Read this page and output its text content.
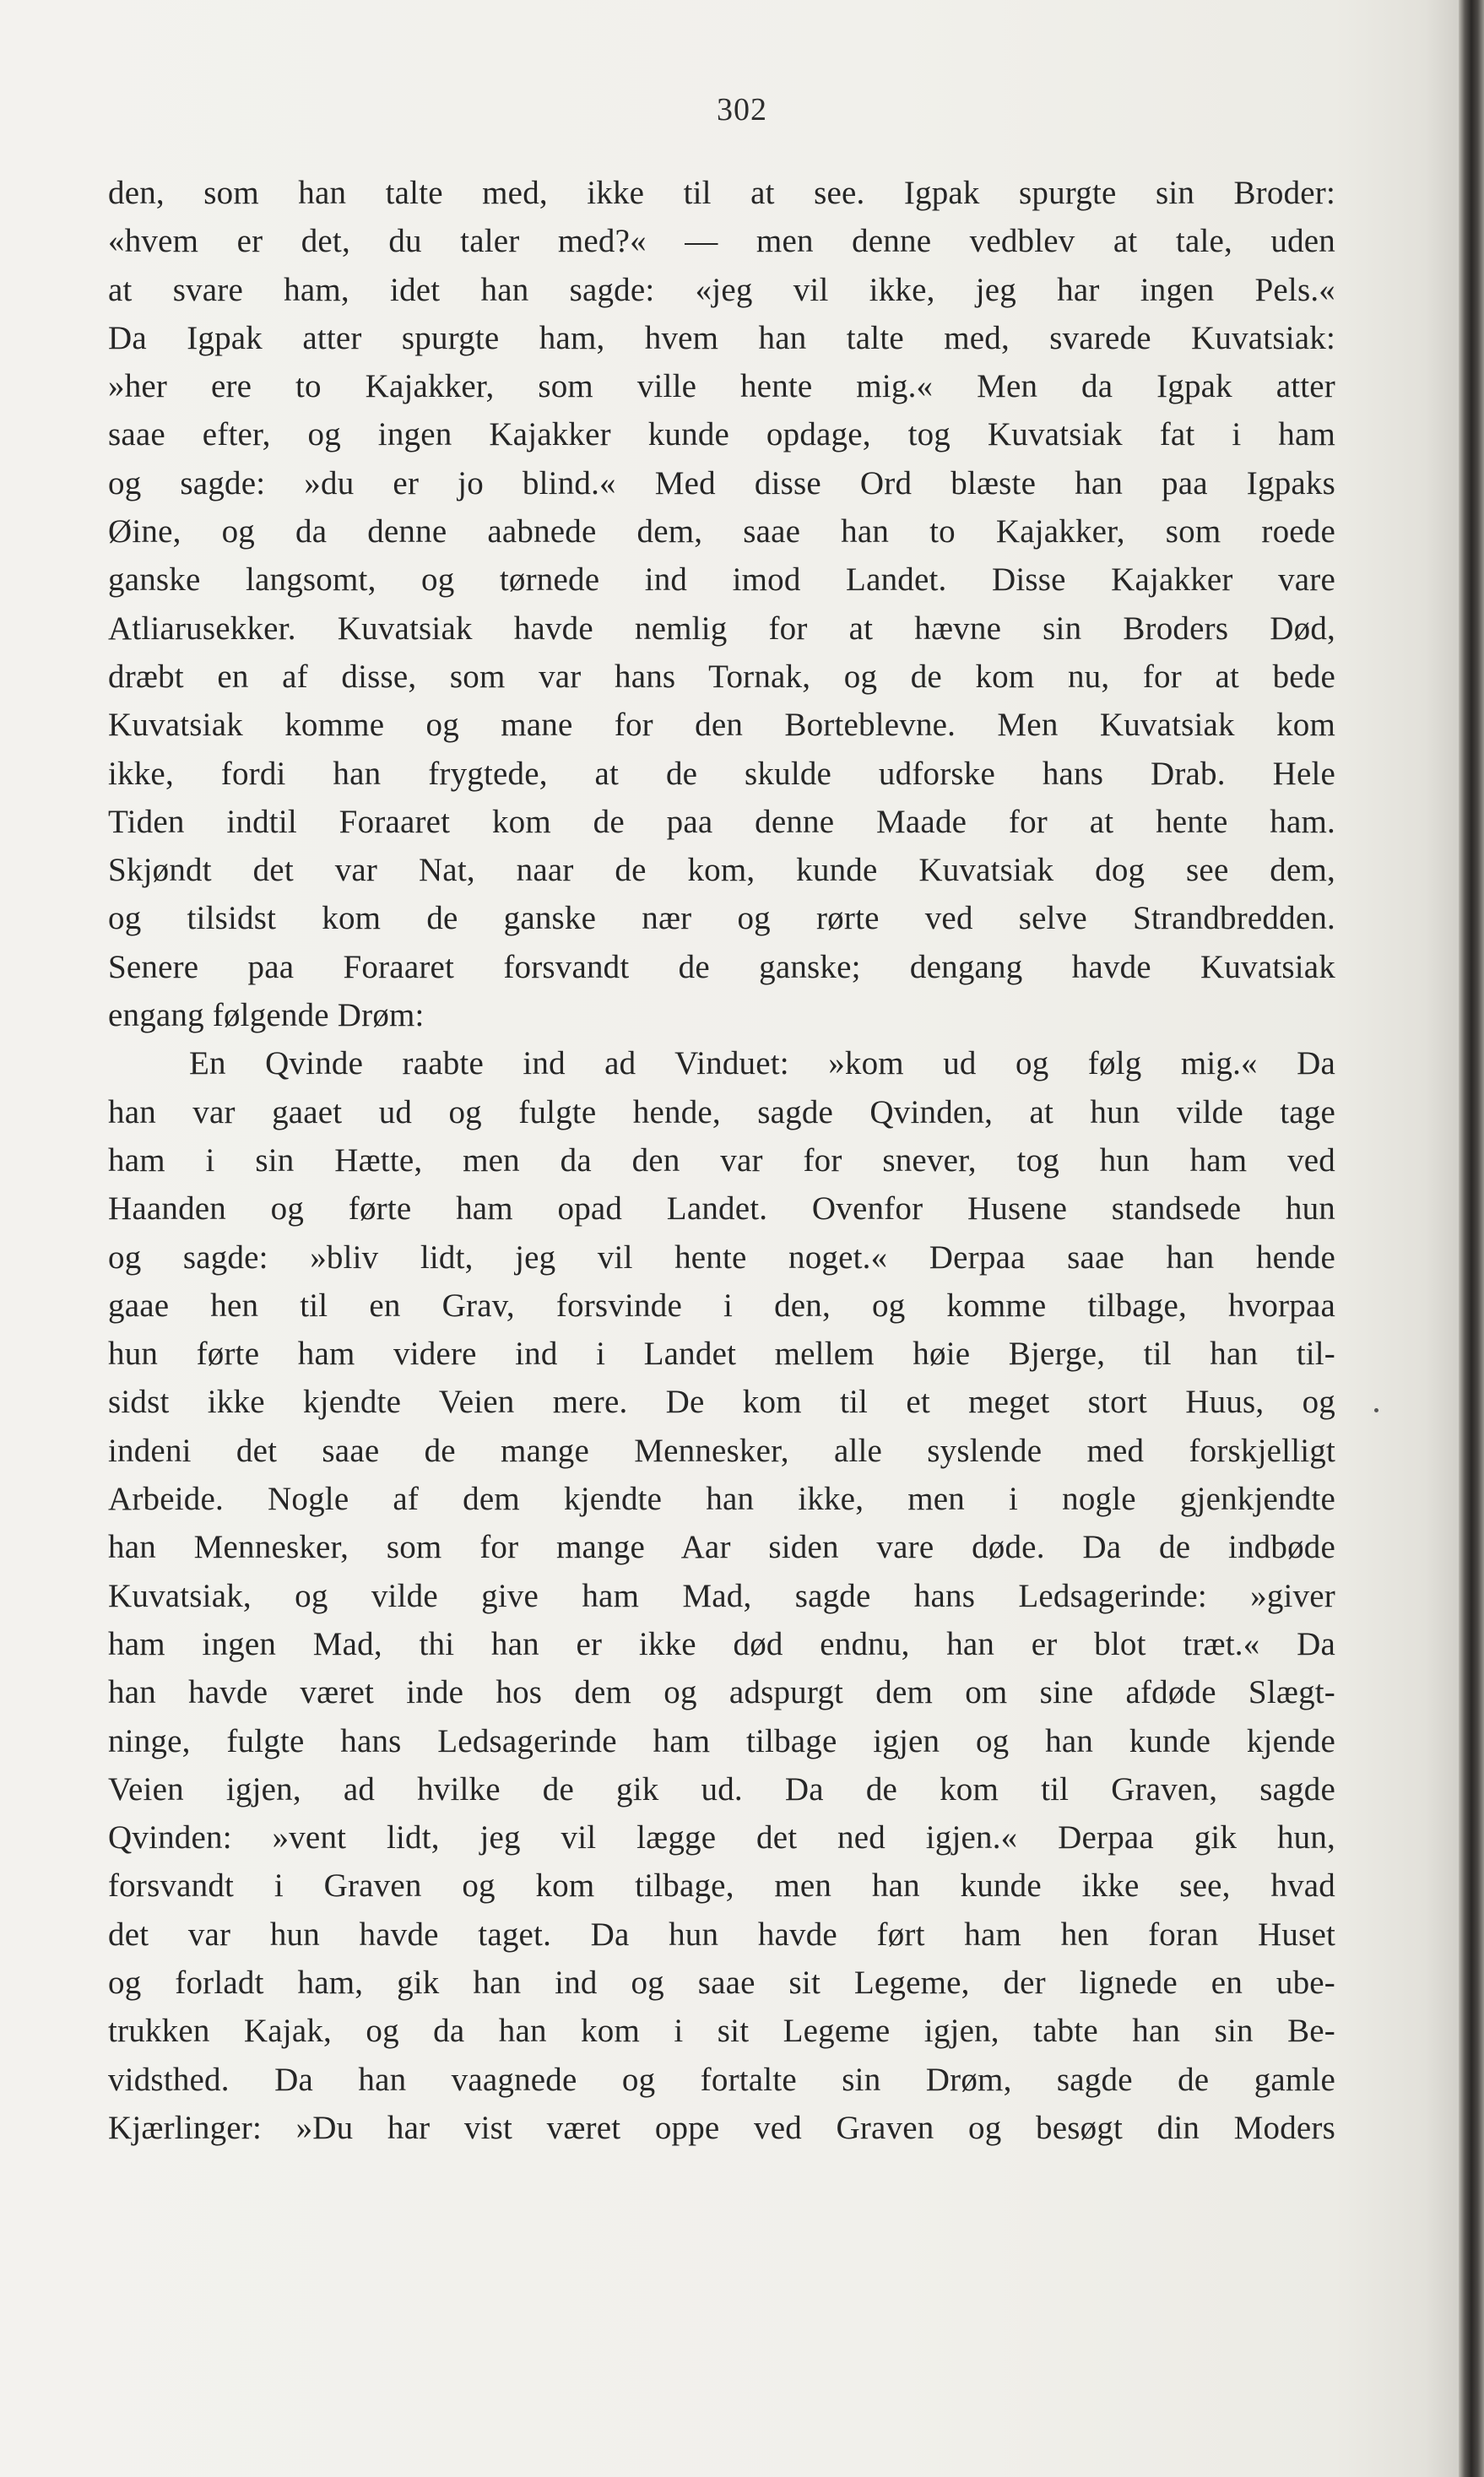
302
den, som han talte med, ikke til at see. Igpak spurgte sin Broder:
«hvem er det, du taler med?« — men denne vedblev at tale, uden
at svare ham, idet han sagde: «jeg vil ikke, jeg har ingen Pels.«
Da Igpak atter spurgte ham, hvem han talte med, svarede Kuvatsiak:
»her ere to Kajakker, som ville hente mig.« Men da Igpak atter
saae efter, og ingen Kajakker kunde opdage, tog Kuvatsiak fat i ham
og sagde: »du er jo blind.« Med disse Ord blæste han paa Igpaks
Øine, og da denne aabnede dem, saae han to Kajakker, som roede
ganske langsomt, og tørnede ind imod Landet. Disse Kajakker vare
Atliarusekker. Kuvatsiak havde nemlig for at hævne sin Broders Død,
dræbt en af disse, som var hans Tornak, og de kom nu, for at bede
Kuvatsiak komme og mane for den Borteblevne. Men Kuvatsiak kom
ikke, fordi han frygtede, at de skulde udforske hans Drab. Hele
Tiden indtil Foraaret kom de paa denne Maade for at hente ham.
Skjøndt det var Nat, naar de kom, kunde Kuvatsiak dog see dem,
og tilsidst kom de ganske nær og rørte ved selve Strandbredden.
Senere paa Foraaret forsvandt de ganske; dengang havde Kuvatsiak
engang følgende Drøm:
En Qvinde raabte ind ad Vinduet: »kom ud og følg mig.« Da
han var gaaet ud og fulgte hende, sagde Qvinden, at hun vilde tage
ham i sin Hætte, men da den var for snever, tog hun ham ved
Haanden og førte ham opad Landet. Ovenfor Husene standsede hun
og sagde: »bliv lidt, jeg vil hente noget.« Derpaa saae han hende
gaae hen til en Grav, forsvinde i den, og komme tilbage, hvorpaa
hun førte ham videre ind i Landet mellem høie Bjerge, til han til-
sidst ikke kjendte Veien mere. De kom til et meget stort Huus, og
indeni det saae de mange Mennesker, alle syslende med forskjelligt
Arbeide. Nogle af dem kjendte han ikke, men i nogle gjenkjendte
han Mennesker, som for mange Aar siden vare døde. Da de indbøde
Kuvatsiak, og vilde give ham Mad, sagde hans Ledsagerinde: »giver
ham ingen Mad, thi han er ikke død endnu, han er blot træt.« Da
han havde været inde hos dem og adspurgt dem om sine afdøde Slægt-
ninge, fulgte hans Ledsagerinde ham tilbage igjen og han kunde kjende
Veien igjen, ad hvilke de gik ud. Da de kom til Graven, sagde
Qvinden: »vent lidt, jeg vil lægge det ned igjen.« Derpaa gik hun,
forsvandt i Graven og kom tilbage, men han kunde ikke see, hvad
det var hun havde taget. Da hun havde ført ham hen foran Huset
og forladt ham, gik han ind og saae sit Legeme, der lignede en ube-
trukken Kajak, og da han kom i sit Legeme igjen, tabte han sin Be-
vidsthed. Da han vaagnede og fortalte sin Drøm, sagde de gamle
Kjærlinger: »Du har vist været oppe ved Graven og besøgt din Moders
